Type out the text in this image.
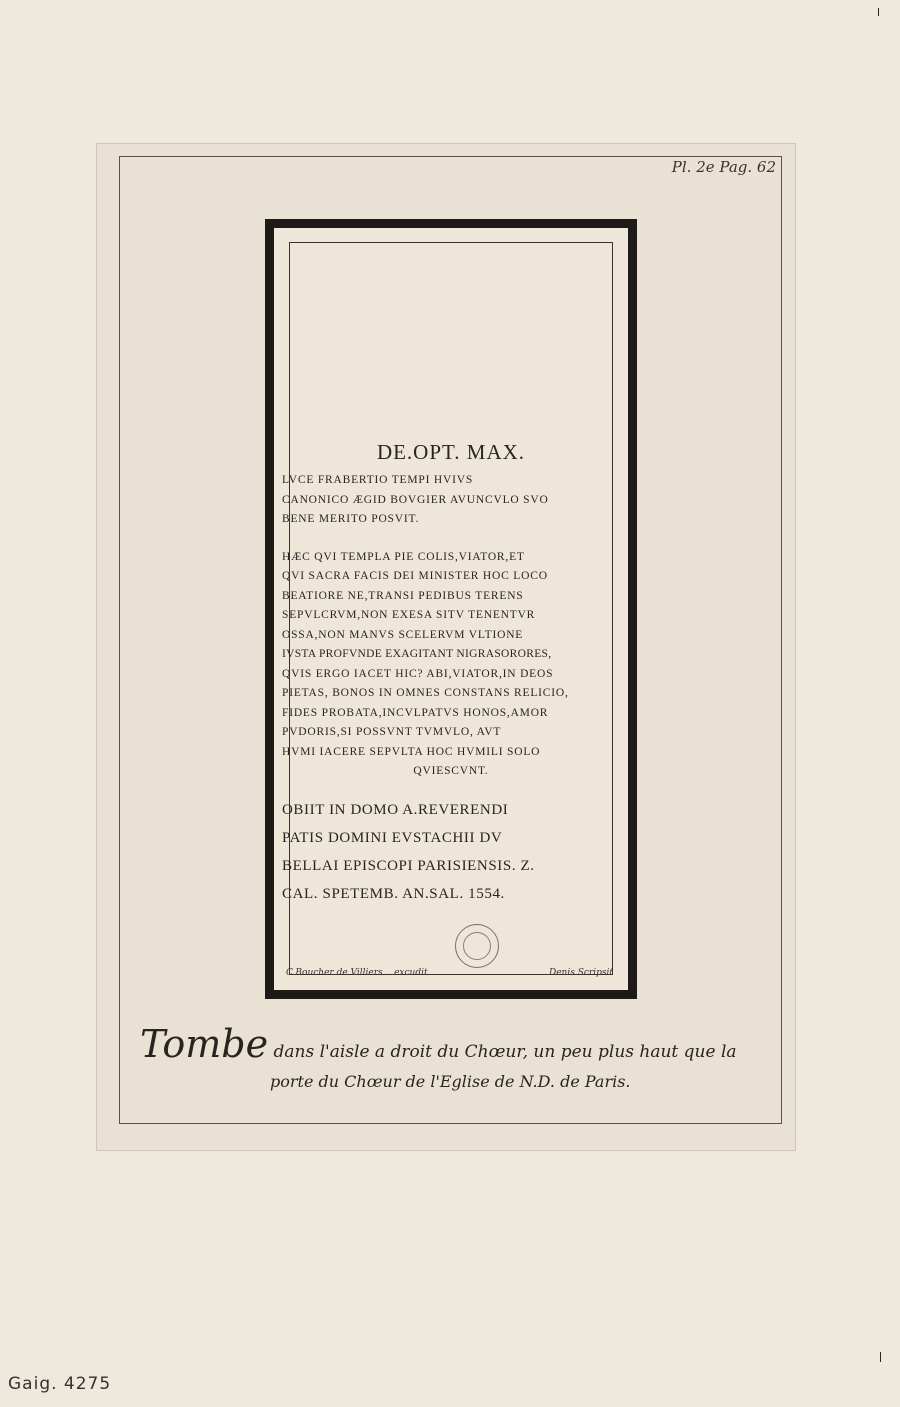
Pl. 2e Pag. 62
DE.OPT. MAX.
LVCE FRABERTIO TEMPI HVIVS
CANONICO ÆGID BOVGIER AVUNCVLO SVO
BENE MERITO POSVIT.
HÆC QVI TEMPLA PIE COLIS,VIATOR,ET
QVI SACRA FACIS DEI MINISTER HOC LOCO
BEATIORE NE,TRANSI PEDIBUS TERENS
SEPVLCRVM,NON EXESA SITV TENENTVR
OSSA,NON MANVS SCELERVM VLTIONE
IVSTA PROFVNDE EXAGITANT NIGRASORORES,
QVIS ERGO IACET HIC? ABI,VIATOR,IN DEOS
PIETAS, BONOS IN OMNES CONSTANS RELICIO,
FIDES PROBATA,INCVLPATVS HONOS,AMOR
PVDORIS,SI POSSVNT TVMVLO, AVT
HVMI IACERE SEPVLTA HOC HVMILI SOLO
QVIESCVNT.
OBIIT IN DOMO A.REVERENDI
PATIS DOMINI EVSTACHII DV
BELLAI EPISCOPI PARISIENSIS. Z.
CAL. SPETEMB. AN.SAL. 1554.
C.Boucher de Villiers... excudit	Denis Scripsit
Tombe dans l'aisle a droit du Chœur, un peu plus haut que la
porte du Chœur de l'Eglise de N.D. de Paris.
Gaig. 4275
